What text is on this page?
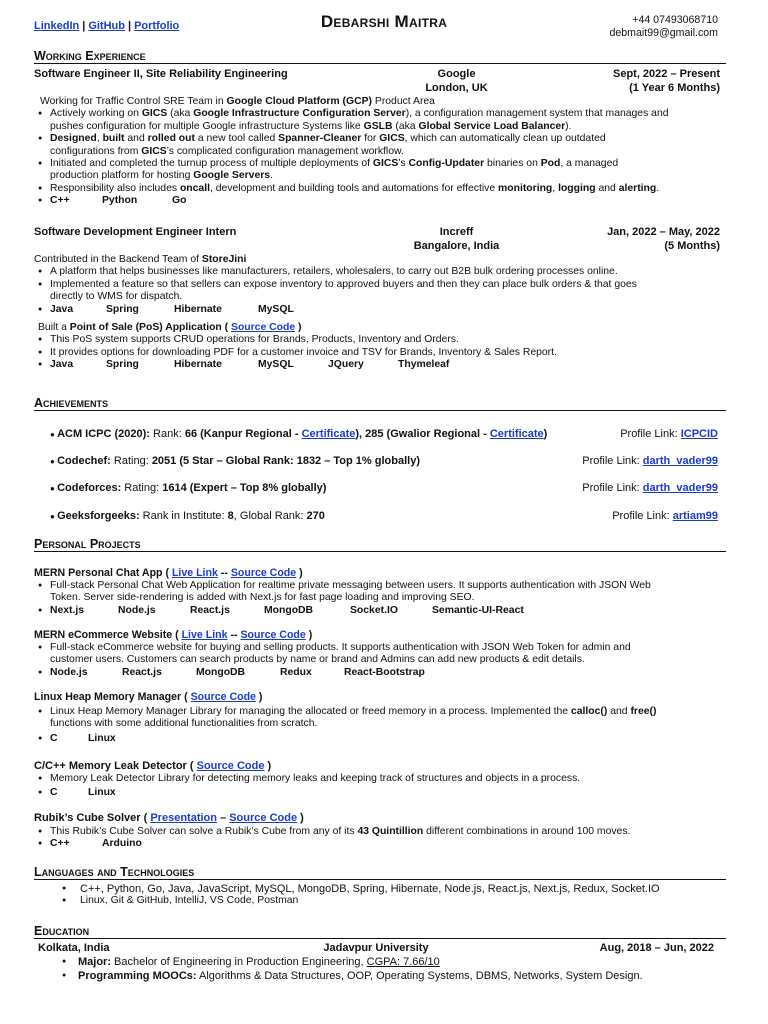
LinkedIn | GitHub | Portfolio	Debarshi Maitra	+44 07493068710
debmait99@gmail.com
Working Experience
Software Engineer II, Site Reliability Engineering	Google	Sept, 2022 – Present
London, UK	(1 Year 6 Months)
Working for Traffic Control SRE Team in Google Cloud Platform (GCP) Product Area
● Actively working on GICS (aka Google Infrastructure Configuration Server), a configuration management system that manages and
pushes configuration for multiple Google infrastructure Systems like GSLB (aka Global Service Load Balancer).
● Designed, built and rolled out a new tool called Spanner-Cleaner for GICS, which can automatically clean up outdated
configurations from GICS’s complicated configuration management workflow.
● Initiated and completed the turnup process of multiple deployments of GICS’s Config-Updater binaries on Pod, a managed
production platform for hosting Google Servers.
● Responsibility also includes oncall, development and building tools and automations for effective monitoring, logging and alerting.
● C++	Python	Go
Software Development Engineer Intern	Increff	Jan, 2022 – May, 2022
Bangalore, India	(5 Months)
Contributed in the Backend Team of StoreJini
● A platform that helps businesses like manufacturers, retailers, wholesalers, to carry out B2B bulk ordering processes online.
● Implemented a feature so that sellers can expose inventory to approved buyers and then they can place bulk orders & that goes
directly to WMS for dispatch.
● Java	Spring	Hibernate	MySQL
Built a Point of Sale (PoS) Application ( Source Code )
● This PoS system supports CRUD operations for Brands, Products, Inventory and Orders.
● It provides options for downloading PDF for a customer invoice and TSV for Brands, Inventory & Sales Report.
● Java	Spring	Hibernate	MySQL	JQuery	Thymeleaf
Achievements
● ACM ICPC (2020): Rank: 66 (Kanpur Regional - Certificate), 285 (Gwalior Regional - Certificate)	Profile Link: ICPCID
● Codechef: Rating: 2051 (5 Star – Global Rank: 1832 – Top 1% globally)	Profile Link: darth_vader99
● Codeforces: Rating: 1614 (Expert – Top 8% globally)	Profile Link: darth_vader99
● Geeksforgeeks: Rank in Institute: 8, Global Rank: 270	Profile Link: artiam99
Personal Projects
MERN Personal Chat App ( Live Link -- Source Code )
● Full-stack Personal Chat Web Application for realtime private messaging between users. It supports authentication with JSON Web
Token. Server side-rendering is added with Next.js for fast page loading and improving SEO.
● Next.js	Node.js	React.js	MongoDB	Socket.IO	Semantic-UI-React
MERN eCommerce Website ( Live Link -- Source Code )
● Full-stack eCommerce website for buying and selling products. It supports authentication with JSON Web Token for admin and
customer users. Customers can search products by name or brand and Admins can add new products & edit details.
● Node.js	React.js	MongoDB	Redux	React-Bootstrap
Linux Heap Memory Manager ( Source Code )
● Linux Heap Memory Manager Library for managing the allocated or freed memory in a process. Implemented the calloc() and free()
functions with some additional functionalities from scratch.
● C	Linux
C/C++ Memory Leak Detector ( Source Code )
● Memory Leak Detector Library for detecting memory leaks and keeping track of structures and objects in a process.
● C	Linux
Rubik’s Cube Solver ( Presentation – Source Code )
● This Rubik’s Cube Solver can solve a Rubik’s Cube from any of its 43 Quintillion different combinations in around 100 moves.
● C++	Arduino
Languages and Technologies
● C++, Python, Go, Java, JavaScript, MySQL, MongoDB, Spring, Hibernate, Node.js, React.js, Next.js, Redux, Socket.IO
● Linux, Git & GitHub, IntelliJ, VS Code, Postman
Education
Kolkata, India	Jadavpur University	Aug, 2018 – Jun, 2022
● Major: Bachelor of Engineering in Production Engineering, CGPA: 7.66/10
● Programming MOOCs: Algorithms & Data Structures, OOP, Operating Systems, DBMS, Networks, System Design.
